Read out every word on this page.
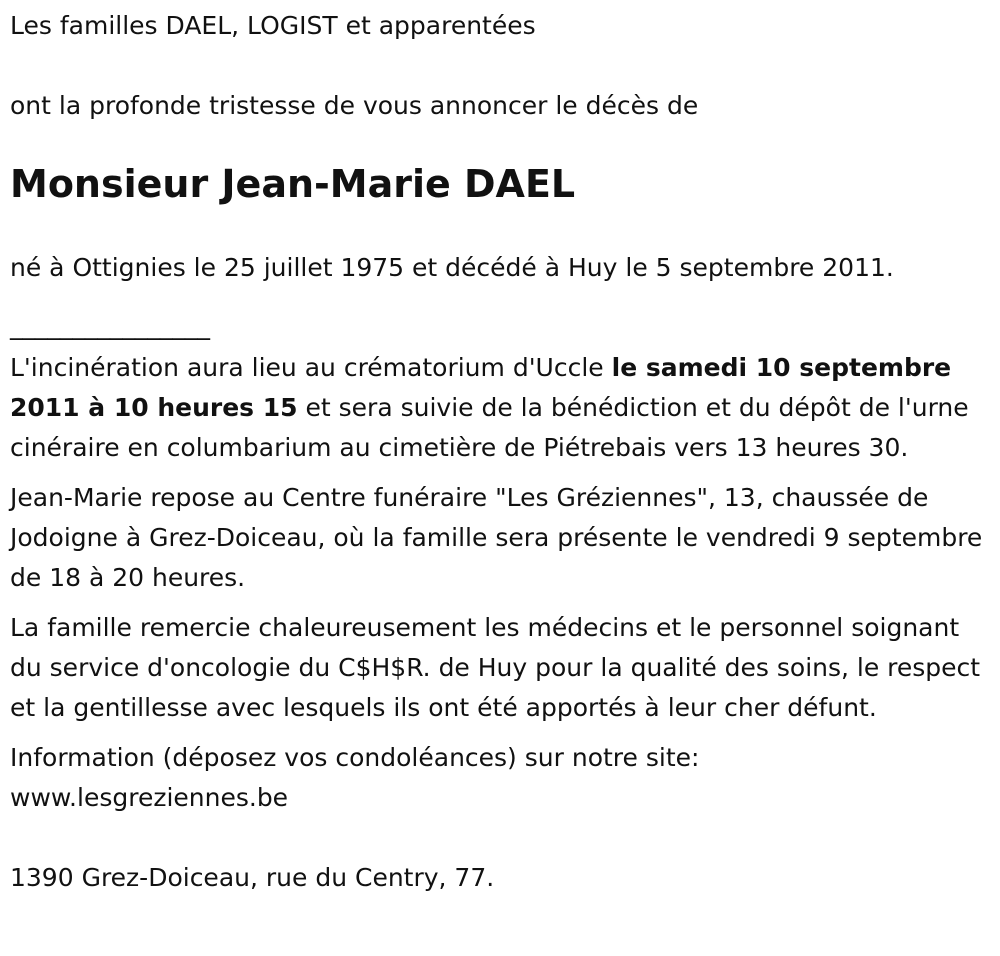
Les familles DAEL, LOGIST et apparentées

ont la profonde tristesse de vous annoncer le décès de

Monsieur Jean-Marie DAEL

né à Ottignies le 25 juillet 1975 et décédé à Huy le 5 septembre 2011.

________________

L'incinération aura lieu au crématorium d'Uccle le samedi 10 septembre 2011 à 10 heures 15 et sera suivie de la bénédiction et du dépôt de l'urne cinéraire en columbarium au cimetière de Piétrebais vers 13 heures 30.

Jean-Marie repose au Centre funéraire "Les Gréziennes", 13, chaussée de Jodoigne à Grez-Doiceau, où la famille sera présente le vendredi 9 septembre de 18 à 20 heures.

La famille remercie chaleureusement les médecins et le personnel soignant du service d'oncologie du C$H$R. de Huy pour la qualité des soins, le respect et la gentillesse avec lesquels ils ont été apportés à leur cher défunt.

Information (déposez vos condoléances) sur notre site:

www.lesgreziennes.be

1390 Grez-Doiceau, rue du Centry, 77.
